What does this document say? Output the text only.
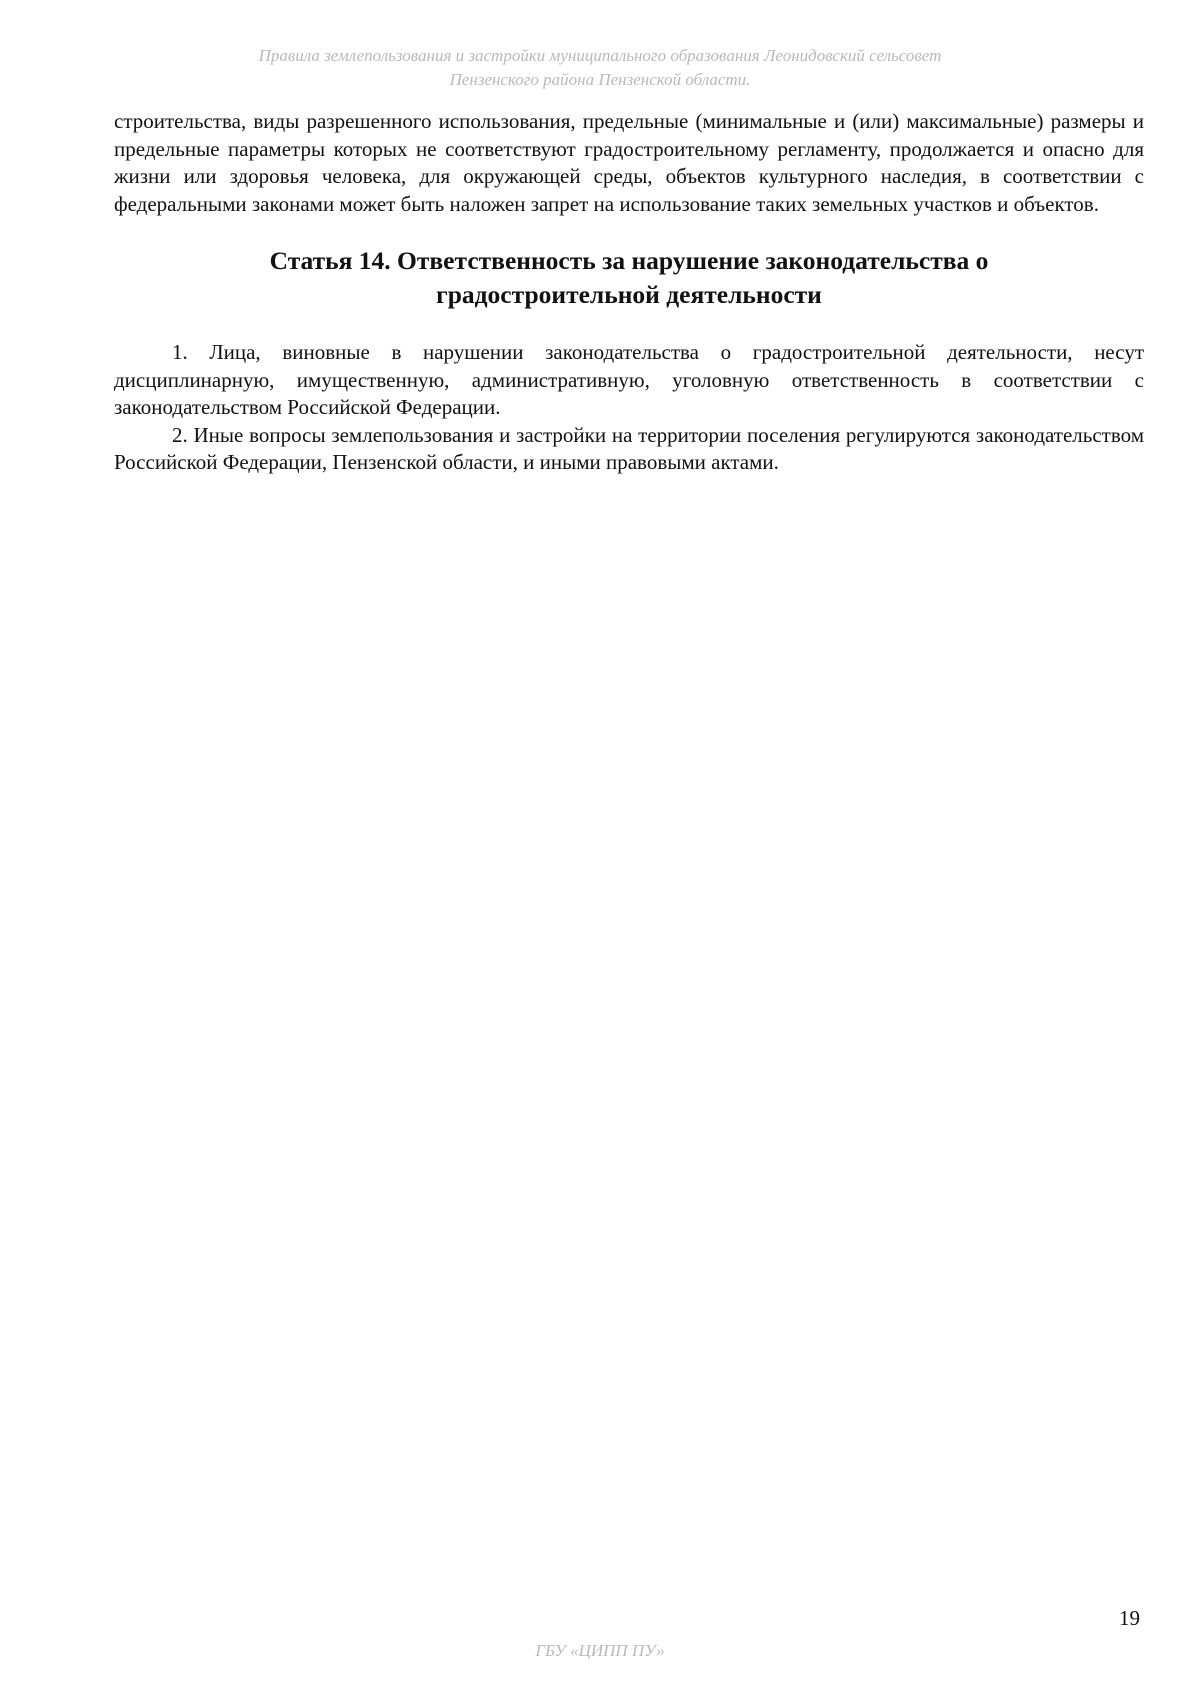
Правила землепользования и застройки муниципального образования Леонидовский сельсовет
Пензенского района Пензенской области.

строительства, виды разрешенного использования, предельные (минимальные и (или) максимальные) размеры и предельные параметры которых не соответствуют градостроительному регламенту, продолжается и опасно для жизни или здоровья человека, для окружающей среды, объектов культурного наследия, в соответствии с федеральными законами может быть наложен запрет на использование таких земельных участков и объектов.

Статья 14. Ответственность за нарушение законодательства о
градостроительной деятельности

1. Лица, виновные в нарушении законодательства о градостроительной деятельности, несут дисциплинарную, имущественную, административную, уголовную ответственность в соответствии с законодательством Российской Федерации.

2. Иные вопросы землепользования и застройки на территории поселения регулируются законодательством Российской Федерации, Пензенской области, и иными правовыми актами.

19
ГБУ «ЦИПП ПУ»
